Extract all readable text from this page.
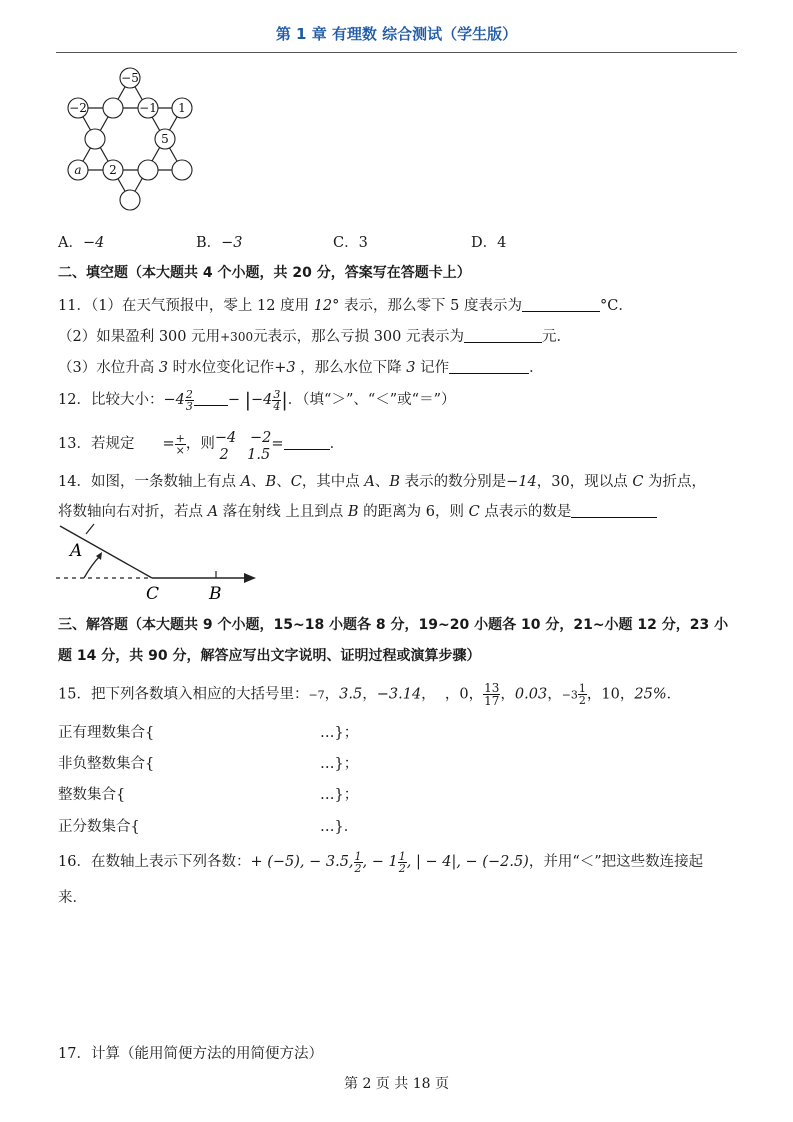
第 1 章 有理数 综合测试（学生版）
−5
−2	−1 1
5
a 2
A．−4	B．−3	C．3	D．4
二、填空题（本大题共 4 个小题，共 20 分，答案写在答题卡上）
11．（1）在天气预报中，零上 12 度用 12° 表示，那么零下 5 度表示为	°C．
（2）如果盈利 300 元用+300元表示，那么亏损 300 元表示为	元．
（3）水位升高 3 时水位变化记作+3 ，那么水位下降 3 记作	．
12．比较大小：$-4 \frac{2}{3} - |-4 \frac{3}{4}$ |．（填“＞”、“＜”或“＝”）
13．若规定 = $\frac{+}{\times}$ ，则 −4 −2
2 1.5
=	．
14．如图，一条数轴上有点 A、B、C，其中点 A、B 表示的数分别是−14，30，现以点 C 为折点，
将数轴向右对折，若点 A 落在射线 上且到点 B 的距离为 6，则 C 点表示的数是
A
C	B
三、解答题（本大题共 9 个小题，15~18 小题各 8 分，19~20 小题各 10 分，21~小题 12 分，23 小
题 14 分，共 90 分，解答应写出文字说明、证明过程或演算步骤）
15．把下列各数填入相应的大括号里：−7，3.5，−3.14， ，0， $\frac{13}{17}$ ，0.03，$-3 \frac{1}{2}$ ，10，25%．
正有理数集合{	…}；
非负整数集合{	…}；
整数集合{	…}；
正分数集合{	…}．
16．在数轴上表示下列各数：+ (−5), − 3.5, $\frac{1}{2}$ , − $1 \frac{1}{2}$ , | − 4|, − (−2.5)，并用“＜”把这些数连接起
来．
17．计算（能用简便方法的用简便方法）
第 2 页 共 18 页
